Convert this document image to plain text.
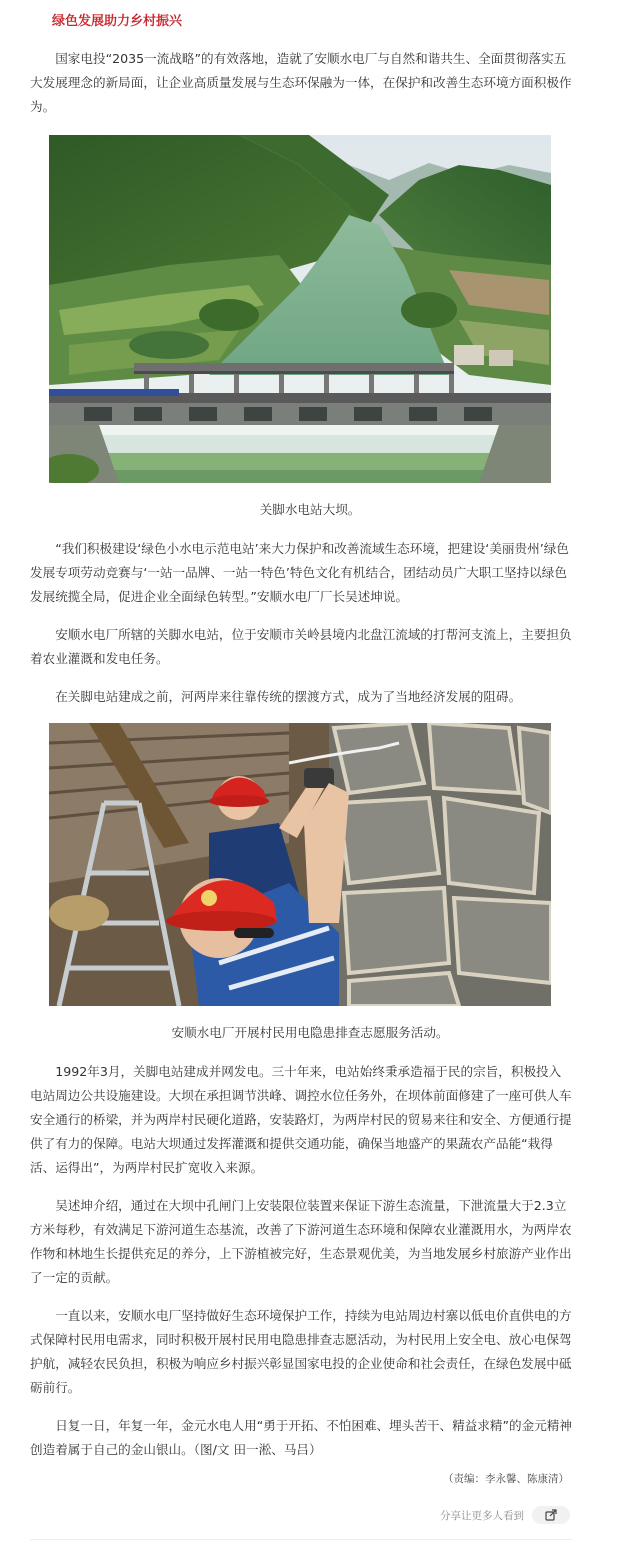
绿色发展助力乡村振兴

国家电投“2035一流战略”的有效落地，造就了安顺水电厂与自然和谐共生、全面贯彻落实五大发展理念的新局面，让企业高质量发展与生态环保融为一体，在保护和改善生态环境方面积极作为。

关脚水电站大坝。

“我们积极建设‘绿色小水电示范电站’来大力保护和改善流域生态环境，把建设‘美丽贵州’绿色发展专项劳动竞赛与‘一站一品牌、一站一特色’特色文化有机结合，团结动员广大职工坚持以绿色发展统揽全局，促进企业全面绿色转型。”安顺水电厂厂长吴述坤说。

安顺水电厂所辖的关脚水电站，位于安顺市关岭县境内北盘江流域的打帮河支流上，主要担负着农业灌溉和发电任务。

在关脚电站建成之前，河两岸来往靠传统的摆渡方式，成为了当地经济发展的阻碍。

安顺水电厂开展村民用电隐患排查志愿服务活动。

1992年3月，关脚电站建成并网发电。三十年来，电站始终秉承造福于民的宗旨，积极投入电站周边公共设施建设。大坝在承担调节洪峰、调控水位任务外，在坝体前面修建了一座可供人车安全通行的桥梁，并为两岸村民硬化道路，安装路灯，为两岸村民的贸易来往和安全、方便通行提供了有力的保障。电站大坝通过发挥灌溉和提供交通功能，确保当地盛产的果蔬农产品能“栽得活、运得出”，为两岸村民扩宽收入来源。

吴述坤介绍，通过在大坝中孔闸门上安装限位装置来保证下游生态流量，下泄流量大于2.3立方米每秒，有效满足下游河道生态基流，改善了下游河道生态环境和保障农业灌溉用水，为两岸农作物和林地生长提供充足的养分，上下游植被完好，生态景观优美，为当地发展乡村旅游产业作出了一定的贡献。

一直以来，安顺水电厂坚持做好生态环境保护工作，持续为电站周边村寨以低电价直供电的方式保障村民用电需求，同时积极开展村民用电隐患排查志愿活动，为村民用上安全电、放心电保驾护航，减轻农民负担，积极为响应乡村振兴彰显国家电投的企业使命和社会责任，在绿色发展中砥砺前行。

日复一日，年复一年，金元水电人用“勇于开拓、不怕困难、埋头苦干、精益求精”的金元精神创造着属于自己的金山银山。（图/文 田一淞、马吕）

（责编：李永馨、陈康清）
分享让更多人看到
